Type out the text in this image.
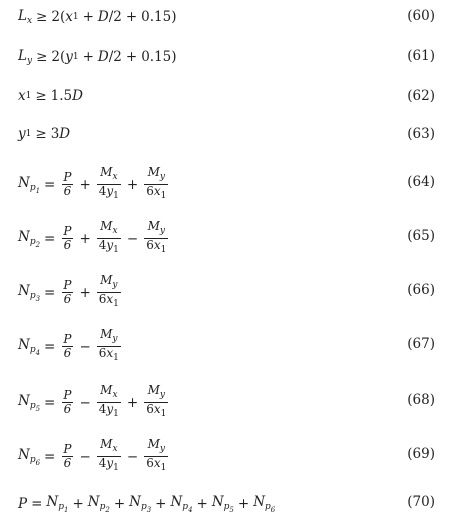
$L_x \ge 2$( x 1 + D /2 + 0.15)	(60)
$L_y \ge 2$( y 1 + D /2 + 0.15)	(61)
x 1 ≥ 1.5 D	(62)
y 1 ≥ 3 D	(63)
$N_{p_1} = \frac{P}{6} + \frac{M_x}{4y_1} + \frac{M_y}{6x_1}$	(64)
$N_{p_2} = \frac{P}{6} + \frac{M_x}{4y_1} - \frac{M_y}{6x_1}$	(65)
$N_{p_3} = \frac{P}{6} + \frac{M_y}{6x_1}$	(66)
$N_{p_4} = \frac{P}{6} - \frac{M_y}{6x_1}$	(67)
$N_{p_5} = \frac{P}{6} - \frac{M_x}{4y_1} + \frac{M_y}{6x_1}$	(68)
$N_{p_6} = \frac{P}{6} - \frac{M_x}{4y_1} - \frac{M_y}{6x_1}$	(69)
$P = N_{p_1} + N_{p_2} + N_{p_3} + N_{p_4} + N_{p_5} + N_{p_6}$	(70)
